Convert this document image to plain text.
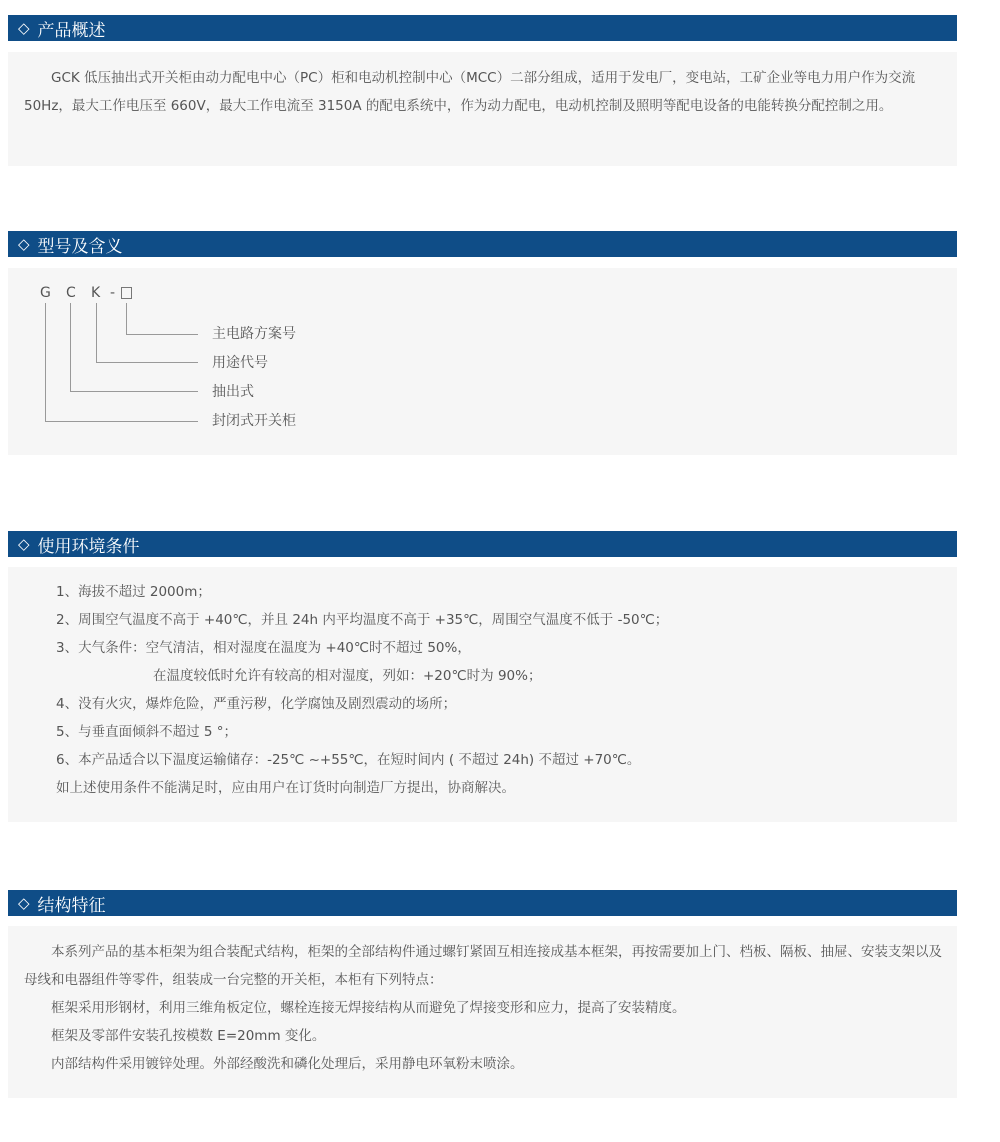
◇ 产品概述

GCK 低压抽出式开关柜由动力配电中心（PC）柜和电动机控制中心（MCC）二部分组成，适用于发电厂，变电站，工矿企业等电力用户作为交流 50Hz，最大工作电压至 660V，最大工作电流至 3150A 的配电系统中，作为动力配电，电动机控制及照明等配电设备的电能转换分配控制之用。

◇ 型号及含义
G C K -
主电路方案号
用途代号
抽出式
封闭式开关柜
◇ 使用环境条件
1、海拔不超过 2000m；
2、周围空气温度不高于 +40℃，并且 24h 内平均温度不高于 +35℃，周围空气温度不低于 -50℃；
3、大气条件：空气清洁，相对湿度在温度为 +40℃时不超过 50%，
在温度较低时允许有较高的相对湿度，列如：+20℃时为 90%；
4、没有火灾，爆炸危险，严重污秽，化学腐蚀及剧烈震动的场所；
5、与垂直面倾斜不超过 5 °；
6、本产品适合以下温度运输储存：-25℃ ~+55℃，在短时间内 ( 不超过 24h) 不超过 +70℃。
如上述使用条件不能满足时，应由用户在订货时向制造厂方提出，协商解决。
◇ 结构特征

本系列产品的基本柜架为组合装配式结构，柜架的全部结构件通过螺钉紧固互相连接成基本框架，再按需要加上门、档板、隔板、抽屉、安装支架以及母线和电器组件等零件，组装成一台完整的开关柜，本柜有下列特点：

框架采用形钢材，利用三维角板定位，螺栓连接无焊接结构从而避免了焊接变形和应力，提高了安装精度。
框架及零部件安装孔按模数 E=20mm 变化。
内部结构件采用镀锌处理。外部经酸洗和磷化处理后，采用静电环氧粉末喷涂。
